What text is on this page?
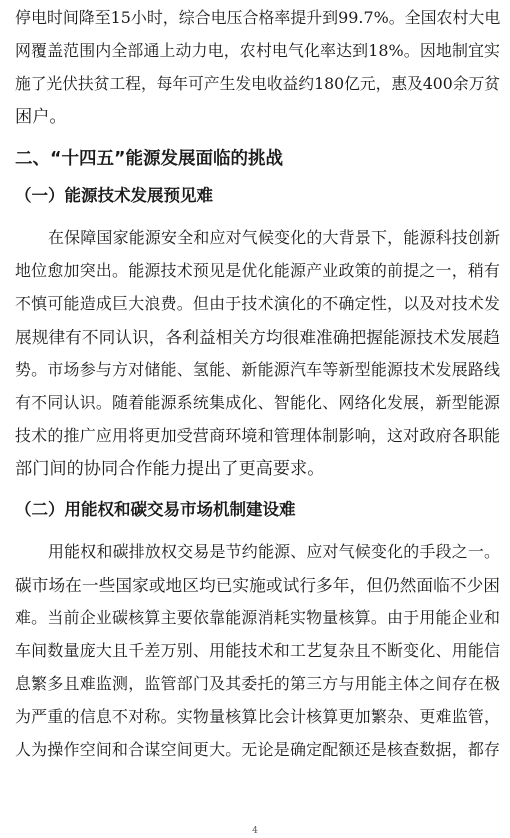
停电时间降至15小时，综合电压合格率提升到99.7%。全国农村大电
网覆盖范围内全部通上动力电，农村电气化率达到18%。因地制宜实
施了光伏扶贫工程，每年可产生发电收益约180亿元，惠及400余万贫
困户。
二、“十四五”能源发展面临的挑战
（一）能源技术发展预见难
在保障国家能源安全和应对气候变化的大背景下，能源科技创新
地位愈加突出。能源技术预见是优化能源产业政策的前提之一，稍有
不慎可能造成巨大浪费。但由于技术演化的不确定性，以及对技术发
展规律有不同认识，各利益相关方均很难准确把握能源技术发展趋
势。市场参与方对储能、氢能、新能源汽车等新型能源技术发展路线
有不同认识。随着能源系统集成化、智能化、网络化发展，新型能源
技术的推广应用将更加受营商环境和管理体制影响，这对政府各职能
部门间的协同合作能力提出了更高要求。
（二）用能权和碳交易市场机制建设难
用能权和碳排放权交易是节约能源、应对气候变化的手段之一。
碳市场在一些国家或地区均已实施或试行多年，但仍然面临不少困
难。当前企业碳核算主要依靠能源消耗实物量核算。由于用能企业和
车间数量庞大且千差万别、用能技术和工艺复杂且不断变化、用能信
息繁多且难监测，监管部门及其委托的第三方与用能主体之间存在极
为严重的信息不对称。实物量核算比会计核算更加繁杂、更难监管，
人为操作空间和合谋空间更大。无论是确定配额还是核查数据，都存
4
